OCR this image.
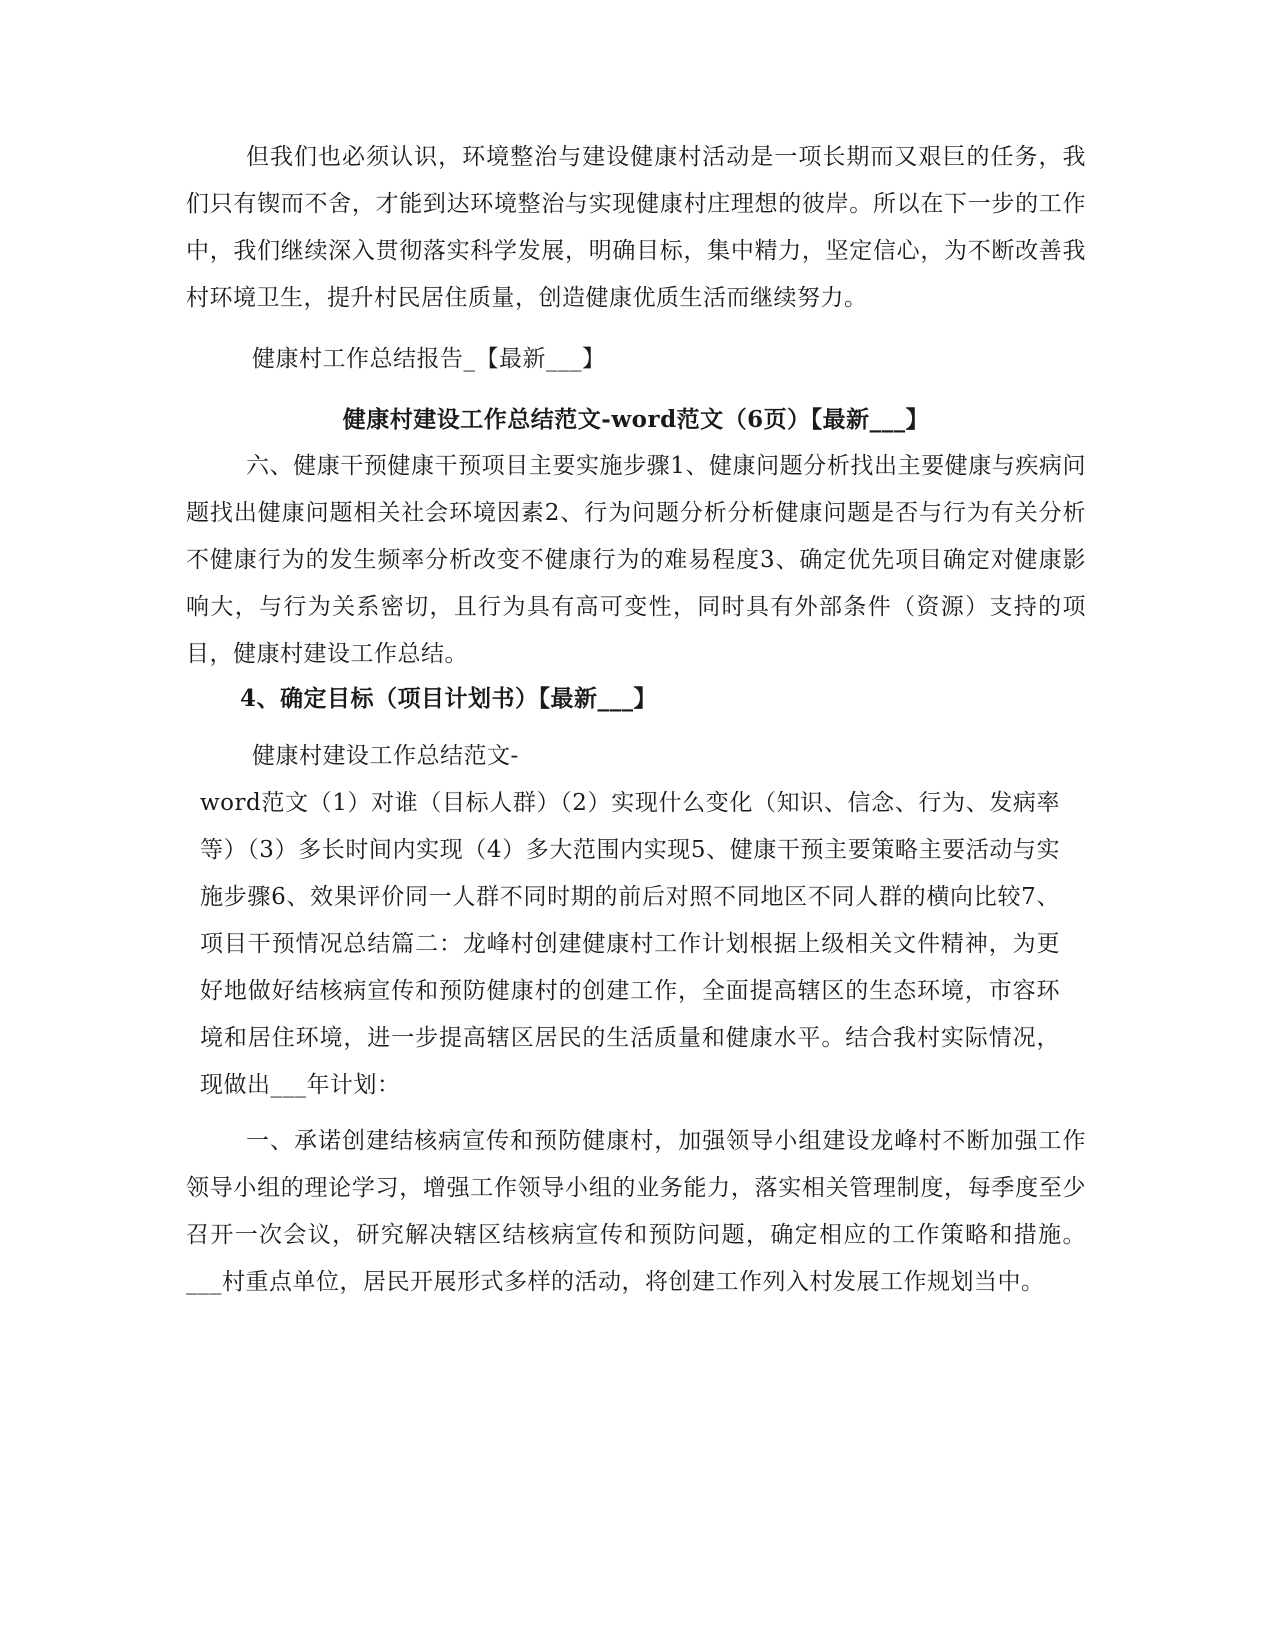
但我们也必须认识，环境整治与建设健康村活动是一项长期而又艰巨的任务，我们只有锲而不舍，才能到达环境整治与实现健康村庄理想的彼岸。所以在下一步的工作中，我们继续深入贯彻落实科学发展，明确目标，集中精力，坚定信心，为不断改善我村环境卫生，提升村民居住质量，创造健康优质生活而继续努力。

健康村工作总结报告_【最新___】

健康村建设工作总结范文-word范文（6页）【最新___】

六、健康干预健康干预项目主要实施步骤1、健康问题分析找出主要健康与疾病问题找出健康问题相关社会环境因素2、行为问题分析分析健康问题是否与行为有关分析不健康行为的发生频率分析改变不健康行为的难易程度3、确定优先项目确定对健康影响大，与行为关系密切，且行为具有高可变性，同时具有外部条件（资源）支持的项目，健康村建设工作总结。

4、确定目标（项目计划书）【最新___】

健康村建设工作总结范文-

word范文（1）对谁（目标人群）（2）实现什么变化（知识、信念、行为、发病率等）（3）多长时间内实现（4）多大范围内实现5、健康干预主要策略主要活动与实施步骤6、效果评价同一人群不同时期的前后对照不同地区不同人群的横向比较7、项目干预情况总结篇二：龙峰村创建健康村工作计划根据上级相关文件精神，为更好地做好结核病宣传和预防健康村的创建工作，全面提高辖区的生态环境，市容环境和居住环境，进一步提高辖区居民的生活质量和健康水平。结合我村实际情况，现做出___年计划：

一、承诺创建结核病宣传和预防健康村，加强领导小组建设龙峰村不断加强工作领导小组的理论学习，增强工作领导小组的业务能力，落实相关管理制度，每季度至少召开一次会议，研究解决辖区结核病宣传和预防问题，确定相应的工作策略和措施。___村重点单位，居民开展形式多样的活动，将创建工作列入村发展工作规划当中。
